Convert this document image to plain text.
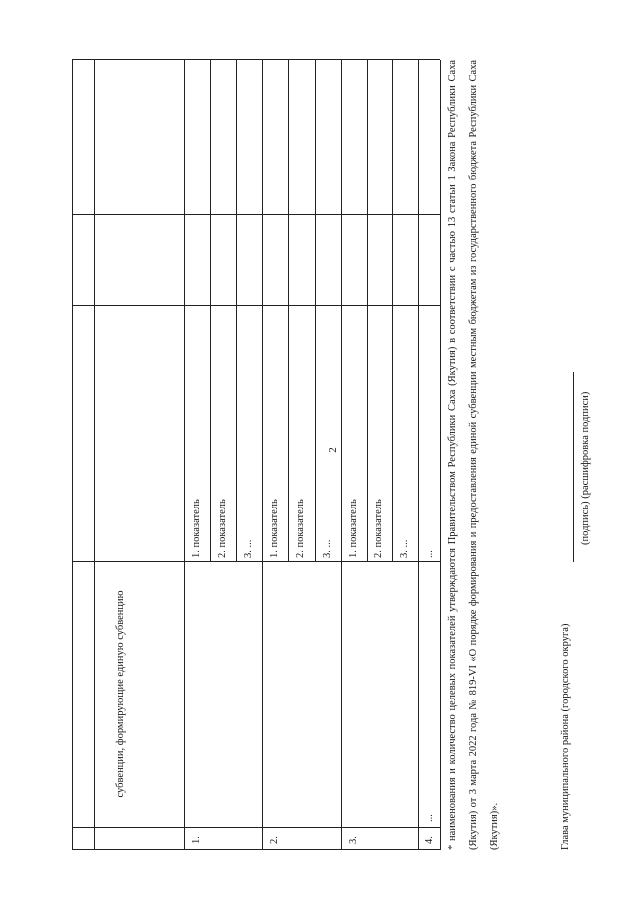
2
субвенции, формирующие единую субвенцию
1.
1. показатель 2. показатель 3. ...
2.
1. показатель 2. показатель 3. ...
3.
1. показатель 2. показатель 3. ...
4.
...
...	* наименования и количество целевых показателей утверждаются Правительством Республики Саха (Якутия) в соответствии с частью 13 статьи 1 Закона Республики Саха (Якутия) от 3 марта 2022 года № 819-VI «О порядке формирования и предоставления единой субвенции местным бюджетам из государственного бюджета Республики Саха (Якутия)».	Глава муниципального района (городского округа)
(подпись) (расшифровка подписи)
